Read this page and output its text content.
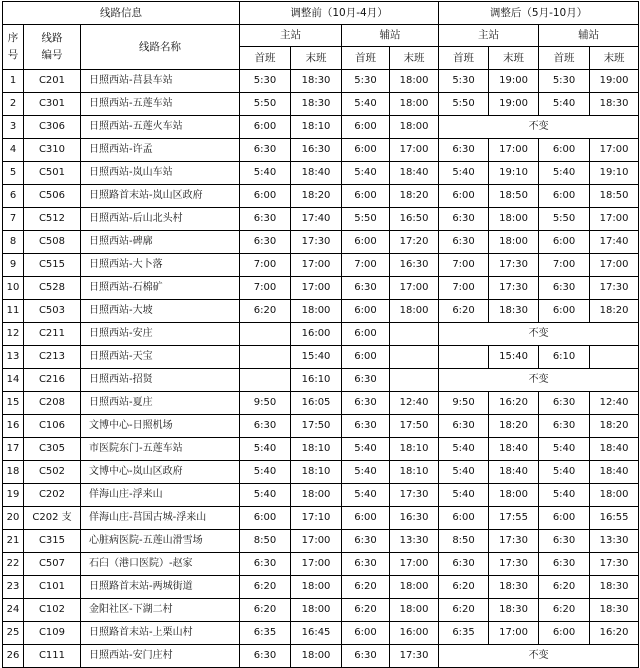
线路信息			调整前（10月-4月）				调整后（5月-10月）			
序号	线路编号	线路名称	主站		辅站		主站		辅站	
			首班	末班	首班	末班	首班	末班	首班	末班
1	C201	日照西站-莒县车站	5:30	18:30	5:30	18:00	5:30	19:00	5:30	19:00
2	C301	日照西站-五莲车站	5:50	18:30	5:40	18:00	5:50	19:00	5:40	18:30
3	C306	日照西站-五莲火车站	6:00	18:10	6:00	18:00	不变			
4	C310	日照西站-许孟	6:30	16:30	6:00	17:00	6:30	17:00	6:00	17:00
5	C501	日照西站-岚山车站	5:40	18:40	5:40	18:40	5:40	19:10	5:40	19:10
6	C506	日照路首末站-岚山区政府	6:00	18:20	6:00	18:20	6:00	18:50	6:00	18:50
7	C512	日照西站-后山北头村	6:30	17:40	5:50	16:50	6:30	18:00	5:50	17:00
8	C508	日照西站-碑廓	6:30	17:30	6:00	17:20	6:30	18:00	6:00	17:40
9	C515	日照西站-大卜落	7:00	17:00	7:00	16:30	7:00	17:30	7:00	17:00
10	C528	日照西站-石棉矿	7:00	17:00	6:30	17:00	7:00	17:30	6:30	17:30
11	C503	日照西站-大坡	6:20	18:00	6:00	18:00	6:20	18:30	6:00	18:20
12	C211	日照西站-安庄		16:00	6:00		不变			
13	C213	日照西站-天宝		15:40	6:00			15:40	6:10	
14	C216	日照西站-招贤		16:10	6:30		不变			
15	C208	日照西站-夏庄	9:50	16:05	6:30	12:40	9:50	16:20	6:30	12:40
16	C106	文博中心-日照机场	6:30	17:50	6:30	17:50	6:30	18:20	6:30	18:20
17	C305	市医院东门-五莲车站	5:40	18:10	5:40	18:10	5:40	18:40	5:40	18:40
18	C502	文博中心-岚山区政府	5:40	18:10	5:40	18:10	5:40	18:40	5:40	18:40
19	C202	佯海山庄-浮来山	5:40	18:00	5:40	17:30	5:40	18:00	5:40	18:00
20	C202 支	佯海山庄-莒国古城-浮来山	6:00	17:10	6:00	16:30	6:00	17:55	6:00	16:55
21	C315	心脏病医院-五莲山滑雪场	8:50	17:00	6:30	13:30	8:50	17:30	6:30	13:30
22	C507	石臼（港口医院）-赵家	6:30	17:00	6:30	17:00	6:30	17:30	6:30	17:30
23	C101	日照路首末站-两城街道	6:20	18:00	6:20	18:00	6:20	18:30	6:20	18:30
24	C102	金阳社区-下湖二村	6:20	18:00	6:20	18:00	6:20	18:30	6:20	18:30
25	C109	日照路首末站-上栗山村	6:35	16:45	6:00	16:00	6:35	17:00	6:00	16:20
26	C111	日照西站-安门庄村	6:30	18:00	6:30	17:30	不变			
